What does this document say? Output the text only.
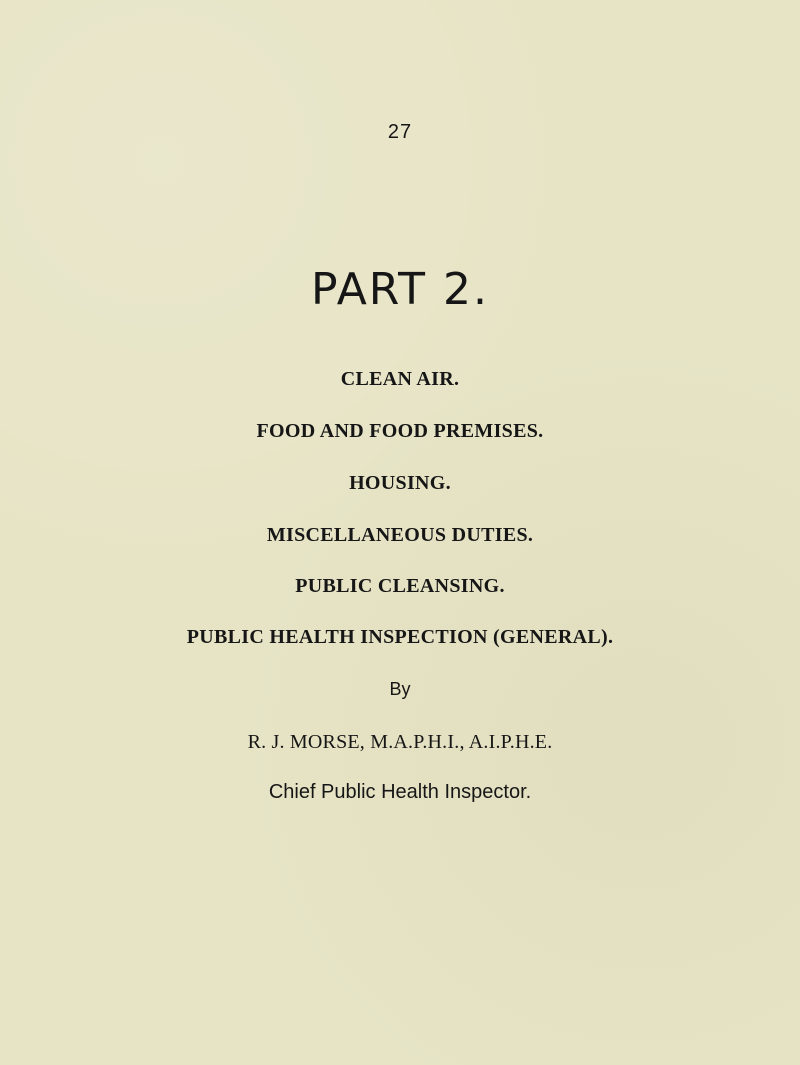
27
PART 2.
CLEAN AIR.
FOOD AND FOOD PREMISES.
HOUSING.
MISCELLANEOUS DUTIES.
PUBLIC CLEANSING.
PUBLIC HEALTH INSPECTION (GENERAL).
By
R. J. MORSE, M.A.P.H.I., A.I.P.H.E.
Chief Public Health Inspector.
